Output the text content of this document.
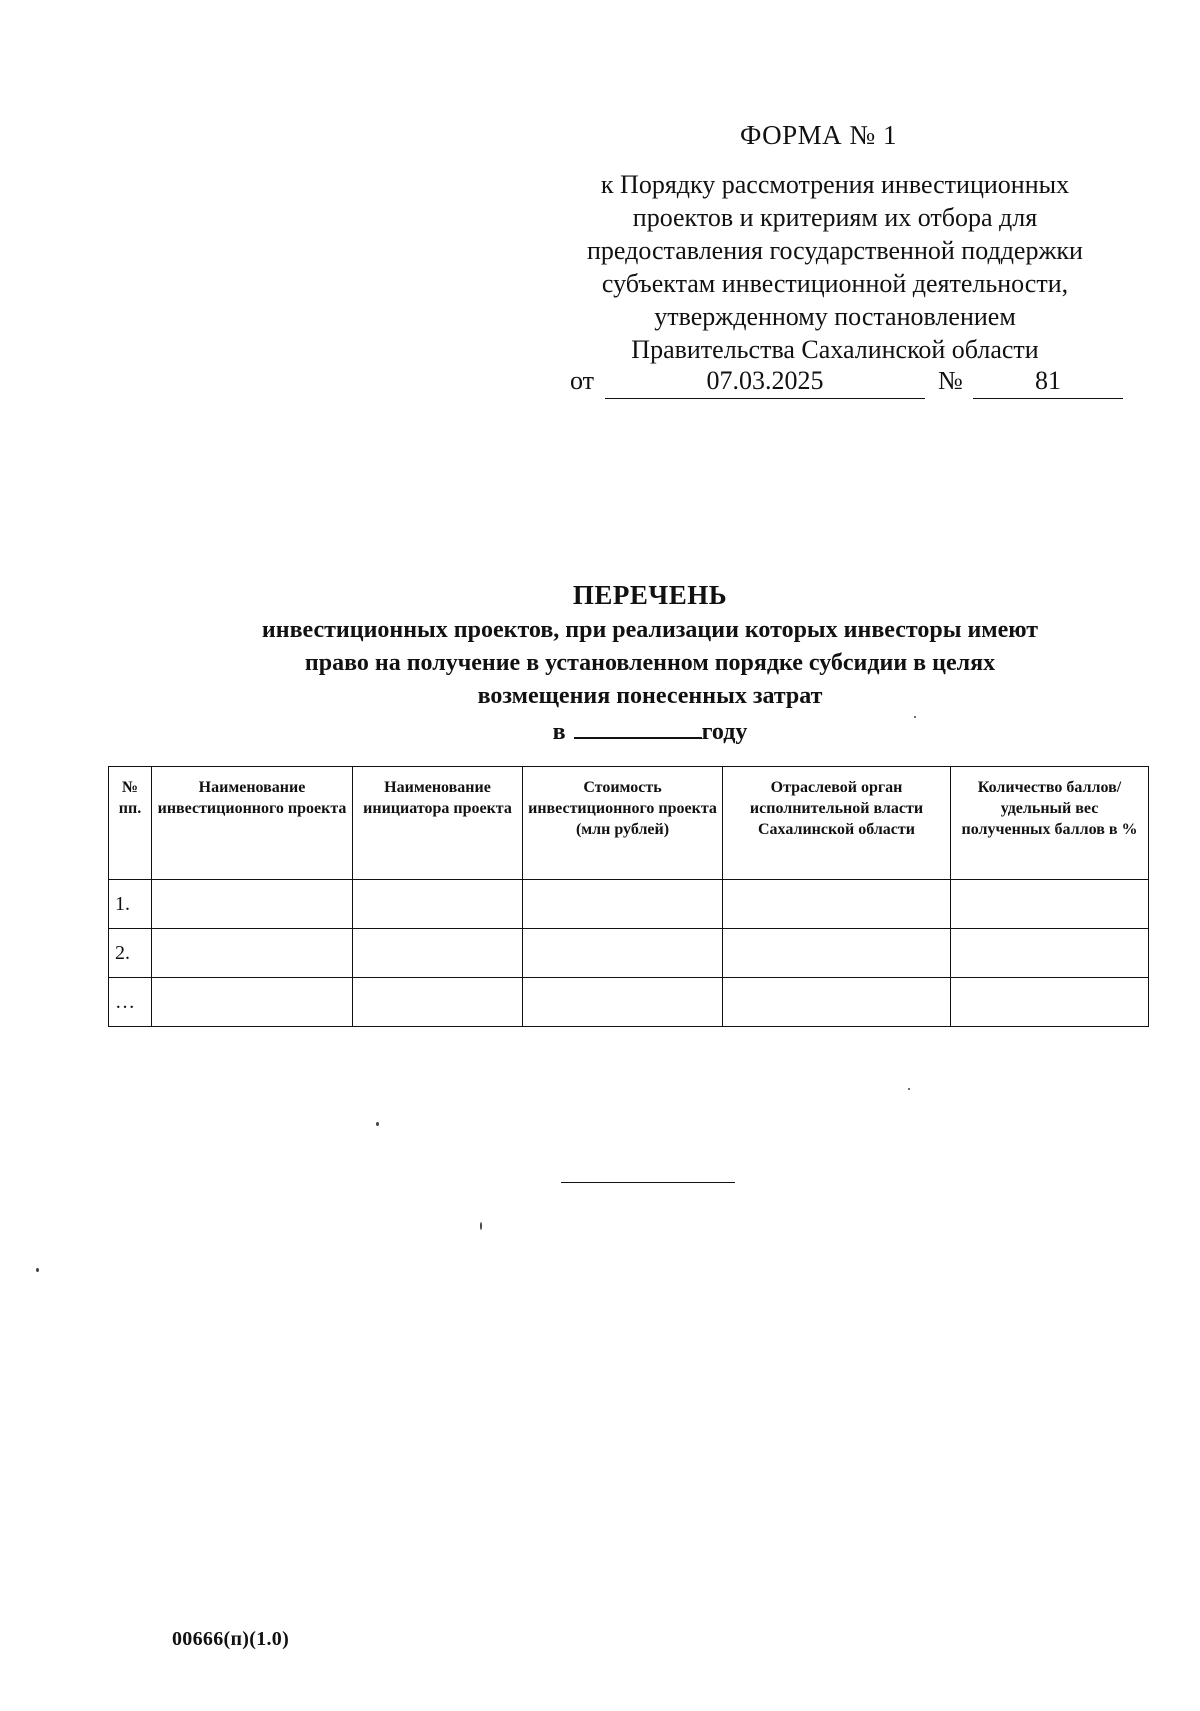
ФОРМА № 1
к Порядку рассмотрения инвестиционных
проектов и критериям их отбора для
предоставления государственной поддержки
субъектам инвестиционной деятельности,
утвержденному постановлением
Правительства Сахалинской области
от	07.03.2025	№	81
ПЕРЕЧЕНЬ
инвестиционных проектов, при реализации которых инвесторы имеют
право на получение в установленном порядке субсидии в целях
возмещения понесенных затрат
в	году
№ пп.	Наименование инвестиционного проекта	Наименование инициатора проекта	Стоимость инвестиционного проекта (млн рублей)	Отраслевой орган исполнительной власти Сахалинской области	Количество баллов/удельный вес полученных баллов в %
1.					
2.					
…					
00666(п)(1.0)
